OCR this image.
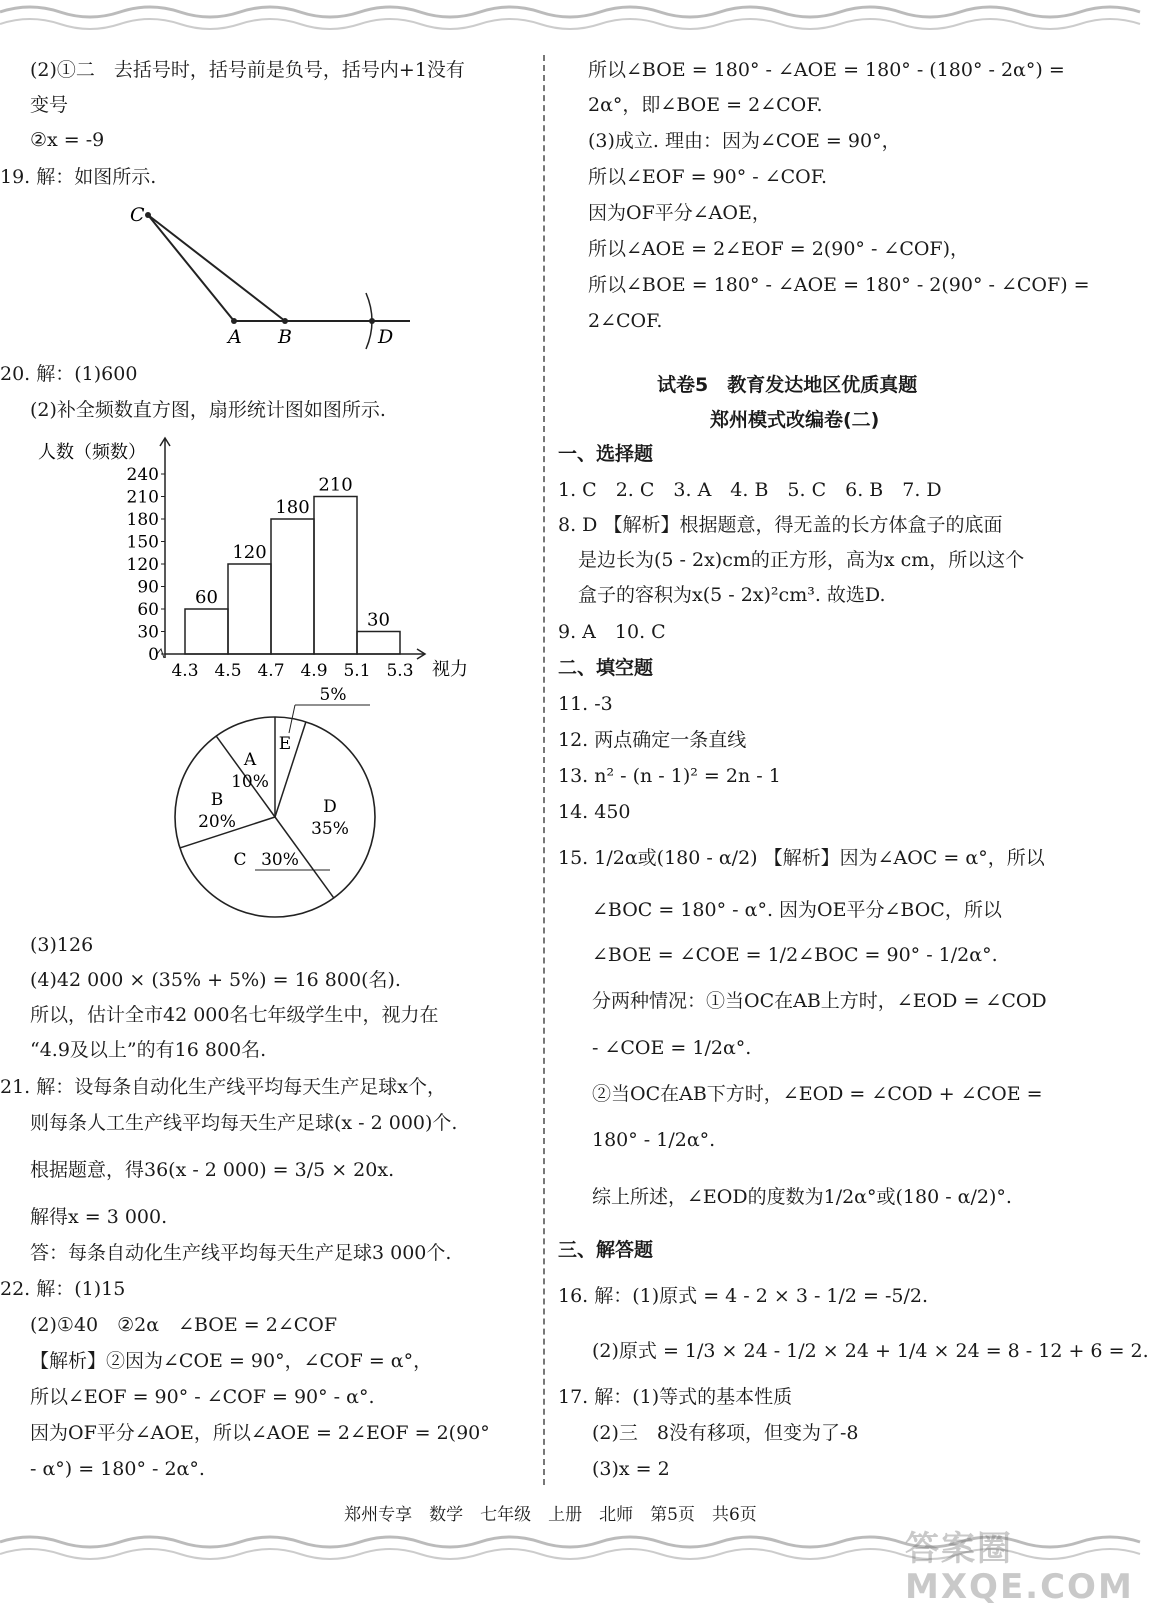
(2)①二　去括号时，括号前是负号，括号内+1没有
变号
②x = -9
19. 解：如图所示.
C
A B	D
20. 解：(1)600
(2)补全频数直方图，扇形统计图如图所示.
人数（频数）
视力
0
30
60
90
120
150
180
210
240
4.3 4.5 4.7 4.9 5.1 5.3
60
120
180
210
30
E
5%
D
35%
C 30%
B
20%
A
10%
(3)126
(4)42 000 × (35% + 5%) = 16 800(名).
所以，估计全市42 000名七年级学生中，视力在
“4.9及以上”的有16 800名.
21. 解：设每条自动化生产线平均每天生产足球x个，
则每条人工生产线平均每天生产足球(x - 2 000)个.
根据题意，得36(x - 2 000) = 3/5 × 20x.
解得x = 3 000.
答：每条自动化生产线平均每天生产足球3 000个.
22. 解：(1)15
(2)①40　②2α　∠BOE = 2∠COF
【解析】②因为∠COE = 90°，∠COF = α°，
所以∠EOF = 90° - ∠COF = 90° - α°.
因为OF平分∠AOE，所以∠AOE = 2∠EOF = 2(90°
- α°) = 180° - 2α°.
所以∠BOE = 180° - ∠AOE = 180° - (180° - 2α°) =
2α°，即∠BOE = 2∠COF.
(3)成立. 理由：因为∠COE = 90°，
所以∠EOF = 90° - ∠COF.
因为OF平分∠AOE，
所以∠AOE = 2∠EOF = 2(90° - ∠COF)，
所以∠BOE = 180° - ∠AOE = 180° - 2(90° - ∠COF) =
2∠COF.
试卷5　教育发达地区优质真题
郑州模式改编卷(二)
一、选择题
1. C　2. C　3. A　4. B　5. C　6. B　7. D
8. D 【解析】根据题意，得无盖的长方体盒子的底面
是边长为(5 - 2x)cm的正方形，高为x cm，所以这个
盒子的容积为x(5 - 2x)²cm³. 故选D.
9. A　10. C
二、填空题
11. -3
12. 两点确定一条直线
13. n² - (n - 1)² = 2n - 1
14. 450
15. 1/2α或(180 - α/2) 【解析】因为∠AOC = α°，所以
∠BOC = 180° - α°. 因为OE平分∠BOC，所以
∠BOE = ∠COE = 1/2∠BOC = 90° - 1/2α°.
分两种情况：①当OC在AB上方时，∠EOD = ∠COD
- ∠COE = 1/2α°.
②当OC在AB下方时，∠EOD = ∠COD + ∠COE =
180° - 1/2α°.
综上所述，∠EOD的度数为1/2α°或(180 - α/2)°.
三、解答题
16. 解：(1)原式 = 4 - 2 × 3 - 1/2 = -5/2.
(2)原式 = 1/3 × 24 - 1/2 × 24 + 1/4 × 24 = 8 - 12 + 6 = 2.
17. 解：(1)等式的基本性质
(2)三　8没有移项，但变为了-8
(3)x = 2
郑州专享　数学　七年级　上册　北师　第5页　共6页
答案圈 MXQE.COM
